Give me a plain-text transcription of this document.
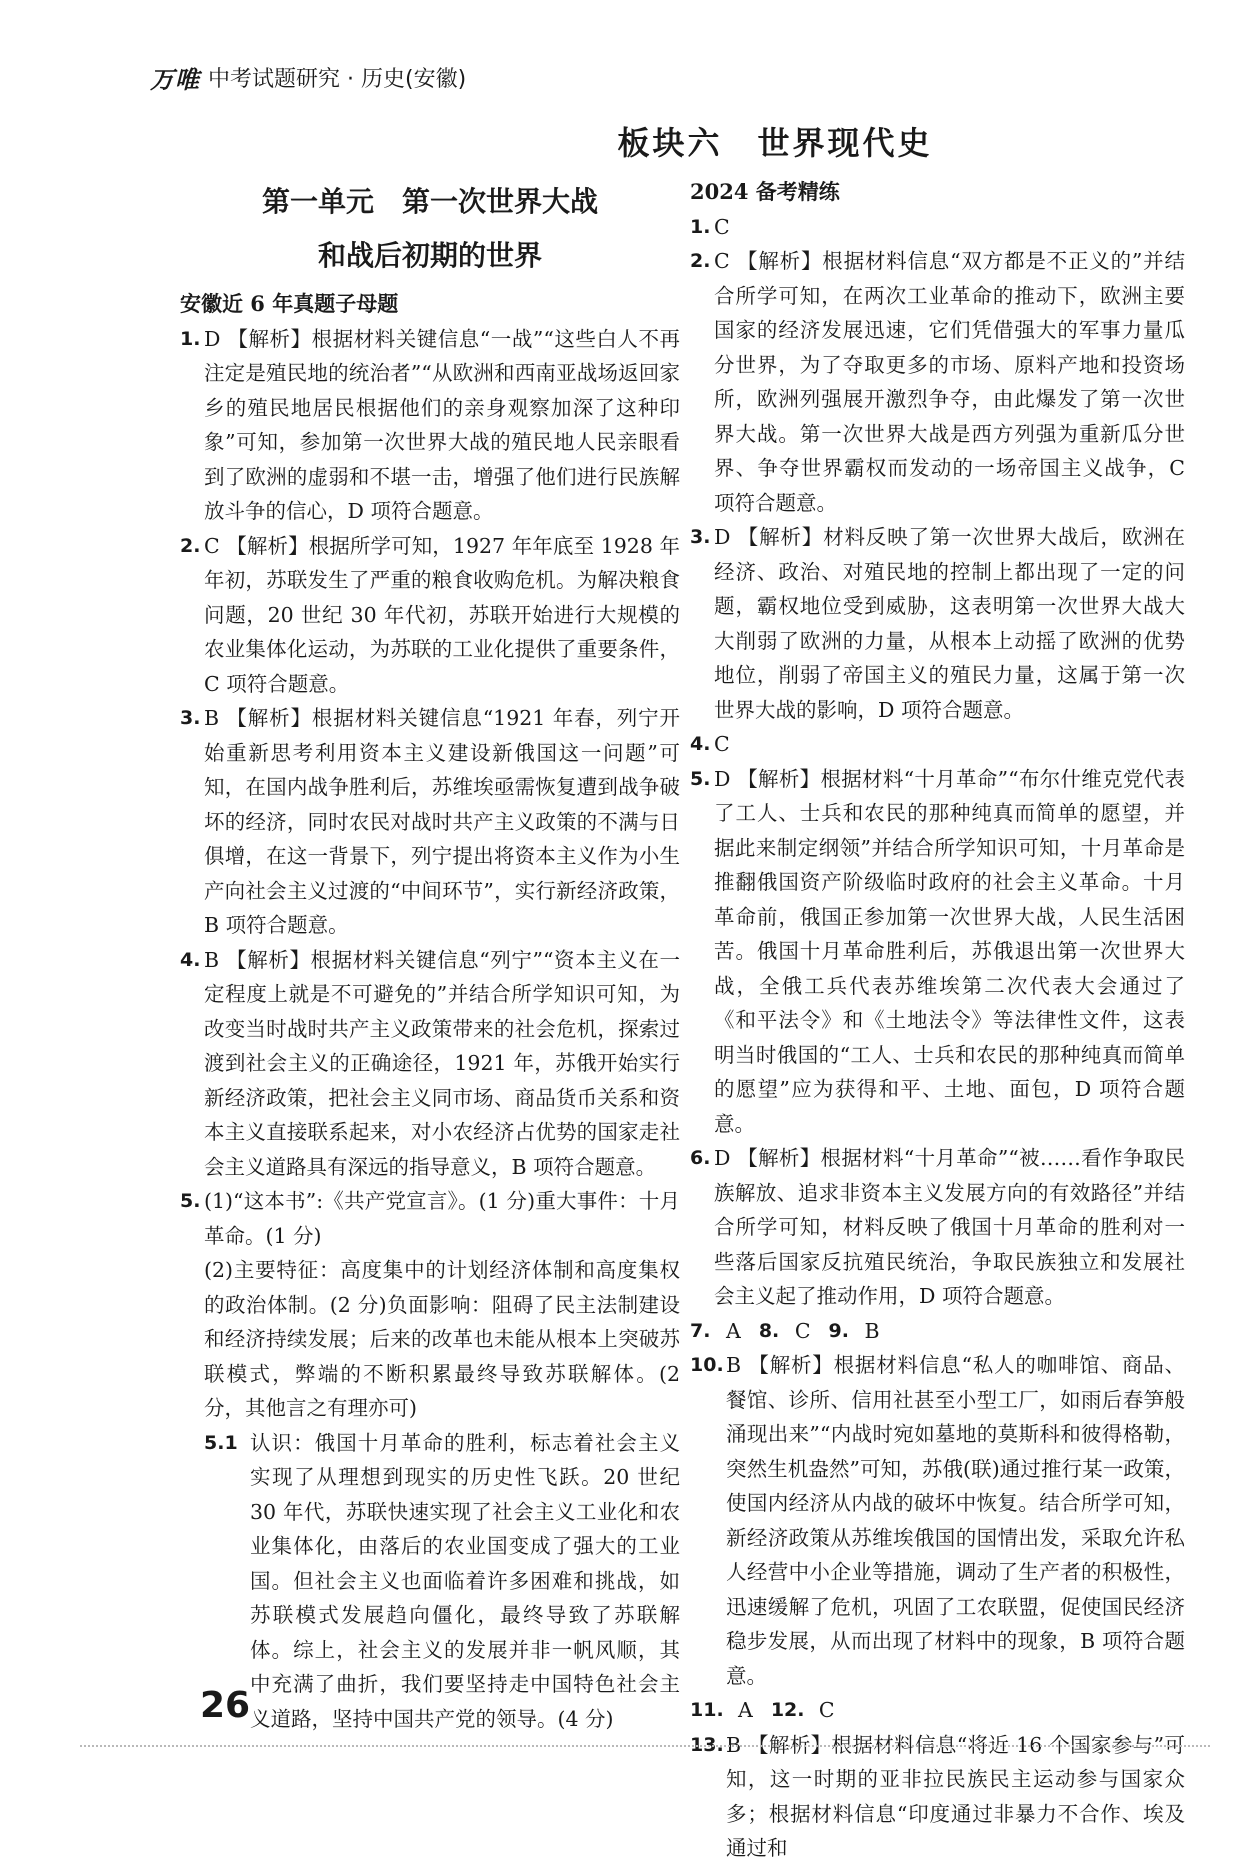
万唯 中考试题研究 · 历史(安徽)
板块六　世界现代史
第一单元　第一次世界大战
和战后初期的世界
安徽近 6 年真题子母题
1. D 【解析】根据材料关键信息“一战”“这些白人不再注定是殖民地的统治者”“从欧洲和西南亚战场返回家乡的殖民地居民根据他们的亲身观察加深了这种印象”可知，参加第一次世界大战的殖民地人民亲眼看到了欧洲的虚弱和不堪一击，增强了他们进行民族解放斗争的信心，D 项符合题意。
2. C 【解析】根据所学可知，1927 年年底至 1928 年年初，苏联发生了严重的粮食收购危机。为解决粮食问题，20 世纪 30 年代初，苏联开始进行大规模的农业集体化运动，为苏联的工业化提供了重要条件，C 项符合题意。
3. B 【解析】根据材料关键信息“1921 年春，列宁开始重新思考利用资本主义建设新俄国这一问题”可知，在国内战争胜利后，苏维埃亟需恢复遭到战争破坏的经济，同时农民对战时共产主义政策的不满与日俱增，在这一背景下，列宁提出将资本主义作为小生产向社会主义过渡的“中间环节”，实行新经济政策，B 项符合题意。
4. B 【解析】根据材料关键信息“列宁”“资本主义在一定程度上就是不可避免的”并结合所学知识可知，为改变当时战时共产主义政策带来的社会危机，探索过渡到社会主义的正确途径，1921 年，苏俄开始实行新经济政策，把社会主义同市场、商品货币关系和资本主义直接联系起来，对小农经济占优势的国家走社会主义道路具有深远的指导意义，B 项符合题意。
5. (1)“这本书”:《共产党宣言》。(1 分)重大事件：十月革命。(1 分)
(2)主要特征：高度集中的计划经济体制和高度集权的政治体制。(2 分)负面影响：阻碍了民主法制建设和经济持续发展；后来的改革也未能从根本上突破苏联模式，弊端的不断积累最终导致苏联解体。(2 分，其他言之有理亦可)
5.1 认识：俄国十月革命的胜利，标志着社会主义实现了从理想到现实的历史性飞跃。20 世纪 30 年代，苏联快速实现了社会主义工业化和农业集体化，由落后的农业国变成了强大的工业国。但社会主义也面临着许多困难和挑战，如苏联模式发展趋向僵化，最终导致了苏联解体。综上，社会主义的发展并非一帆风顺，其中充满了曲折，我们要坚持走中国特色社会主义道路，坚持中国共产党的领导。(4 分)
2024 备考精练
1. C
2. C 【解析】根据材料信息“双方都是不正义的”并结合所学可知，在两次工业革命的推动下，欧洲主要国家的经济发展迅速，它们凭借强大的军事力量瓜分世界，为了夺取更多的市场、原料产地和投资场所，欧洲列强展开激烈争夺，由此爆发了第一次世界大战。第一次世界大战是西方列强为重新瓜分世界、争夺世界霸权而发动的一场帝国主义战争，C 项符合题意。
3. D 【解析】材料反映了第一次世界大战后，欧洲在经济、政治、对殖民地的控制上都出现了一定的问题，霸权地位受到威胁，这表明第一次世界大战大大削弱了欧洲的力量，从根本上动摇了欧洲的优势地位，削弱了帝国主义的殖民力量，这属于第一次世界大战的影响，D 项符合题意。
4. C
5. D 【解析】根据材料“十月革命”“布尔什维克党代表了工人、士兵和农民的那种纯真而简单的愿望，并据此来制定纲领”并结合所学知识可知，十月革命是推翻俄国资产阶级临时政府的社会主义革命。十月革命前，俄国正参加第一次世界大战，人民生活困苦。俄国十月革命胜利后，苏俄退出第一次世界大战，全俄工兵代表苏维埃第二次代表大会通过了《和平法令》和《土地法令》等法律性文件，这表明当时俄国的“工人、士兵和农民的那种纯真而简单的愿望”应为获得和平、土地、面包，D 项符合题意。
6. D 【解析】根据材料“十月革命”“被……看作争取民族解放、追求非资本主义发展方向的有效路径”并结合所学可知，材料反映了俄国十月革命的胜利对一些落后国家反抗殖民统治，争取民族独立和发展社会主义起了推动作用，D 项符合题意。
7. A 8. C 9. B
10. B 【解析】根据材料信息“私人的咖啡馆、商品、餐馆、诊所、信用社甚至小型工厂，如雨后春笋般涌现出来”“内战时宛如墓地的莫斯科和彼得格勒，突然生机盎然”可知，苏俄(联)通过推行某一政策，使国内经济从内战的破坏中恢复。结合所学可知，新经济政策从苏维埃俄国的国情出发，采取允许私人经营中小企业等措施，调动了生产者的积极性，迅速缓解了危机，巩固了工农联盟，促使国民经济稳步发展，从而出现了材料中的现象，B 项符合题意。
11. A 12. C
13. B 【解析】根据材料信息“将近 16 个国家参与”可知，这一时期的亚非拉民族民主运动参与国家众多；根据材料信息“印度通过非暴力不合作、埃及通过和
26
